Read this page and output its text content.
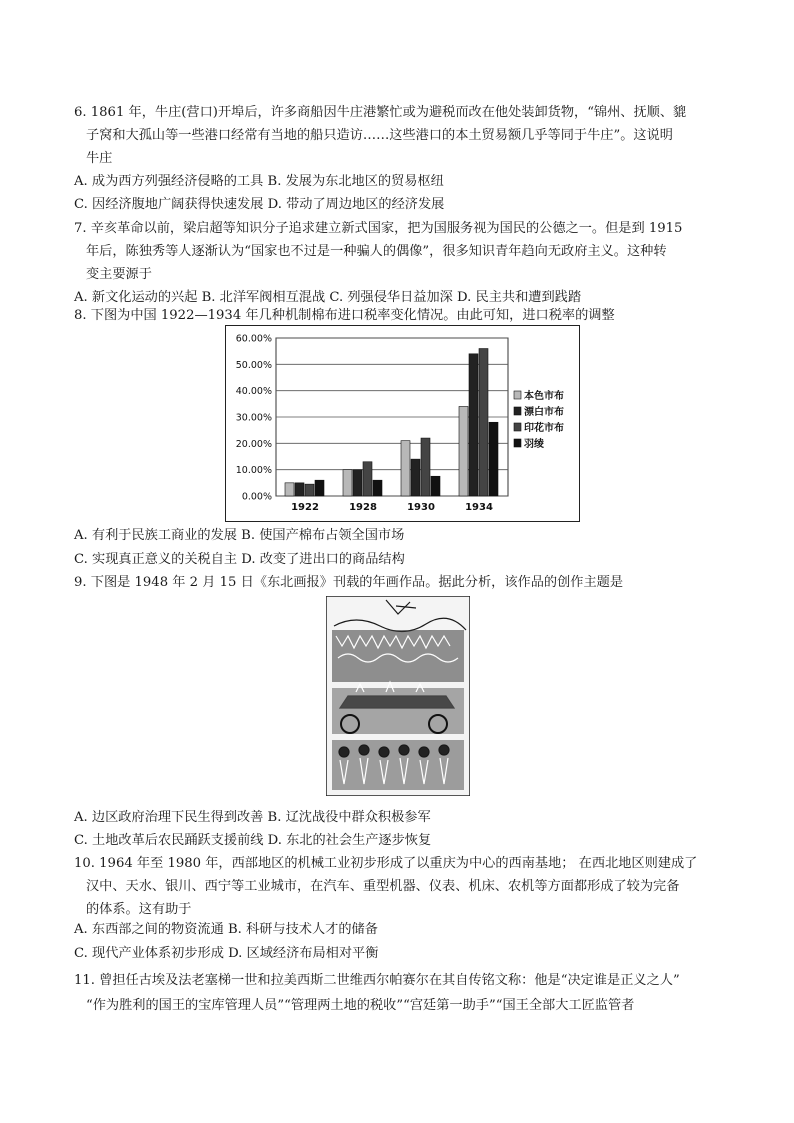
6. 1861 年，牛庄(营口)开埠后，许多商船因牛庄港繁忙或为避税而改在他处装卸货物，“锦州、抚顺、貔
子窝和大孤山等一些港口经常有当地的船只造访……这些港口的本土贸易额几乎等同于牛庄”。这说明
牛庄
A. 成为西方列强经济侵略的工具 B. 发展为东北地区的贸易枢纽
C. 因经济腹地广阔获得快速发展 D. 带动了周边地区的经济发展
7. 辛亥革命以前，梁启超等知识分子追求建立新式国家，把为国服务视为国民的公德之一。但是到 1915
年后，陈独秀等人逐渐认为“国家也不过是一种骗人的偶像”，很多知识青年趋向无政府主义。这种转
变主要源于
A. 新文化运动的兴起 B. 北洋军阀相互混战 C. 列强侵华日益加深 D. 民主共和遭到践踏
8. 下图为中国 1922—1934 年几种机制棉布进口税率变化情况。由此可知，进口税率的调整
0.00%
10.00%
20.00%
30.00%
40.00%
50.00%
60.00%
1922	1928	1930	1934
本色市布
漂白市布
印花市布
羽绫
A. 有利于民族工商业的发展 B. 使国产棉布占领全国市场
C. 实现真正意义的关税自主 D. 改变了进出口的商品结构
9. 下图是 1948 年 2 月 15 日《东北画报》刊载的年画作品。据此分析，该作品的创作主题是
A. 边区政府治理下民生得到改善 B. 辽沈战役中群众积极参军
C. 土地改革后农民踊跃支援前线 D. 东北的社会生产逐步恢复
10. 1964 年至 1980 年，西部地区的机械工业初步形成了以重庆为中心的西南基地； 在西北地区则建成了
汉中、天水、银川、西宁等工业城市，在汽车、重型机器、仪表、机床、农机等方面都形成了较为完备
的体系。这有助于
A. 东西部之间的物资流通 B. 科研与技术人才的储备
C. 现代产业体系初步形成 D. 区域经济布局相对平衡
11. 曾担任古埃及法老塞梯一世和拉美西斯二世维西尔帕赛尔在其自传铭文称：他是“决定谁是正义之人”
“作为胜利的国王的宝库管理人员”“管理两土地的税收”“宫廷第一助手”“国王全部大工匠监管者
